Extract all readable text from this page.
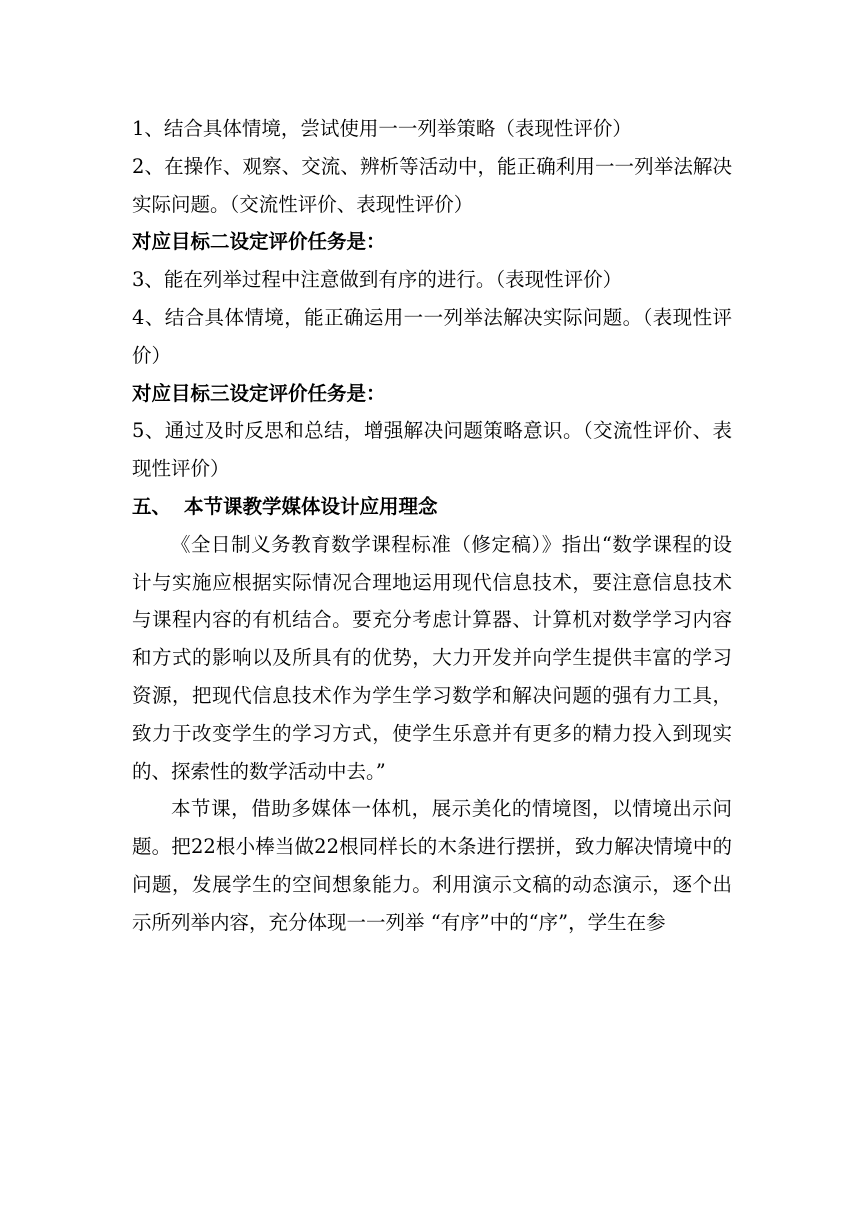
1、结合具体情境，尝试使用一一列举策略（表现性评价）

2、在操作、观察、交流、辨析等活动中，能正确利用一一列举法解决实际问题。（交流性评价、表现性评价）

对应目标二设定评价任务是：

3、能在列举过程中注意做到有序的进行。（表现性评价）

4、结合具体情境，能正确运用一一列举法解决实际问题。（表现性评价）

对应目标三设定评价任务是：

5、通过及时反思和总结，增强解决问题策略意识。（交流性评价、表现性评价）

五、 本节课教学媒体设计应用理念

《全日制义务教育数学课程标准（修定稿）》指出“数学课程的设计与实施应根据实际情况合理地运用现代信息技术，要注意信息技术与课程内容的有机结合。要充分考虑计算器、计算机对数学学习内容和方式的影响以及所具有的优势，大力开发并向学生提供丰富的学习资源，把现代信息技术作为学生学习数学和解决问题的强有力工具，致力于改变学生的学习方式，使学生乐意并有更多的精力投入到现实的、探索性的数学活动中去。”

本节课，借助多媒体一体机，展示美化的情境图，以情境出示问题。把22根小棒当做22根同样长的木条进行摆拼，致力解决情境中的问题，发展学生的空间想象能力。利用演示文稿的动态演示，逐个出示所列举内容，充分体现一一列举 “有序”中的“序”，学生在参
